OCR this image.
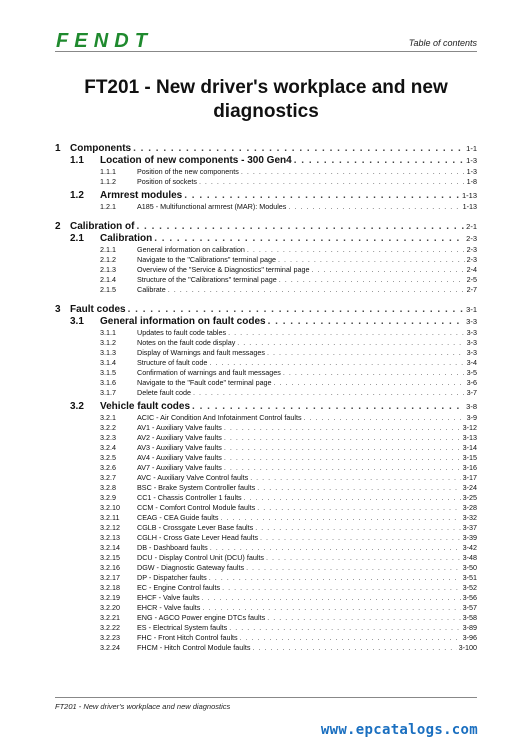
FENDT	Table of contents
FT201 - New driver's workplace and new diagnostics
1 Components . . .	1-1
1.1 Location of new components - 300 Gen4 . . .	1-3
1.1.1	Position of the new components . . .	1-3
1.1.2	Position of sockets . . .	1-8
1.2 Armrest modules . . .	1-13
1.2.1	A185 - Multifunctional armrest (MAR): Modules . . .	1-13
2 Calibration of . . .	2-1
2.1 Calibration . . .	2-3
2.1.1	General information on calibration . . .	2-3
2.1.2	Navigate to the "Calibrations" terminal page . . .	2-3
2.1.3	Overview of the "Service & Diagnostics" terminal page . . .	2-4
2.1.4	Structure of the "Calibrations" terminal page . . .	2-5
2.1.5	Calibrate . . .	2-7
3 Fault codes . . .	3-1
3.1 General information on fault codes . . .	3-3
3.1.1	Updates to fault code tables . . .	3-3
3.1.2	Notes on the fault code display . . .	3-3
3.1.3	Display of Warnings and fault messages . . .	3-3
3.1.4	Structure of fault code . . .	3-4
3.1.5	Confirmation of warnings and fault messages . . .	3-5
3.1.6	Navigate to the "Fault code" terminal page . . .	3-6
3.1.7	Delete fault code . . .	3-7
3.2 Vehicle fault codes . . .	3-8
3.2.1	ACIC - Air Condition And Infotainment Control faults . . .	3-9
3.2.2	AV1 - Auxiliary Valve faults . . .	3-12
3.2.3	AV2 - Auxiliary Valve faults . . .	3-13
3.2.4	AV3 - Auxiliary Valve faults . . .	3-14
3.2.5	AV4 - Auxiliary Valve faults . . .	3-15
3.2.6	AV7 - Auxiliary Valve faults . . .	3-16
3.2.7	AVC - Auxiliary Valve Control faults . . .	3-17
3.2.8	BSC - Brake System Controller faults . . .	3-24
3.2.9	CC1 - Chassis Controller 1 faults . . .	3-25
3.2.10 CCM - Comfort Control Module faults . . .	3-28
3.2.11 CEAG - CEA Guide faults . . .	3-32
3.2.12 CGLB - Crossgate Lever Base faults . . .	3-37
3.2.13 CGLH - Cross Gate Lever Head faults . . .	3-39
3.2.14 DB - Dashboard faults . . .	3-42
3.2.15 DCU - Display Control Unit (DCU) faults . . .	3-48
3.2.16 DGW - Diagnostic Gateway faults . . .	3-50
3.2.17 DP - Dispatcher faults . . .	3-51
3.2.18 EC - Engine Control faults . . .	3-52
3.2.19 EHCF - Valve faults . . .	3-56
3.2.20 EHCR - Valve faults . . .	3-57
3.2.21 ENG - AGCO Power engine DTCs faults . . .	3-58
3.2.22 ES - Electrical System faults . . .	3-89
3.2.23 FHC - Front Hitch Control faults . . .	3-96
3.2.24 FHCM - Hitch Control Module faults . . .	3-100
FT201 - New driver's workplace and new diagnostics
www.epcatalogs.com
